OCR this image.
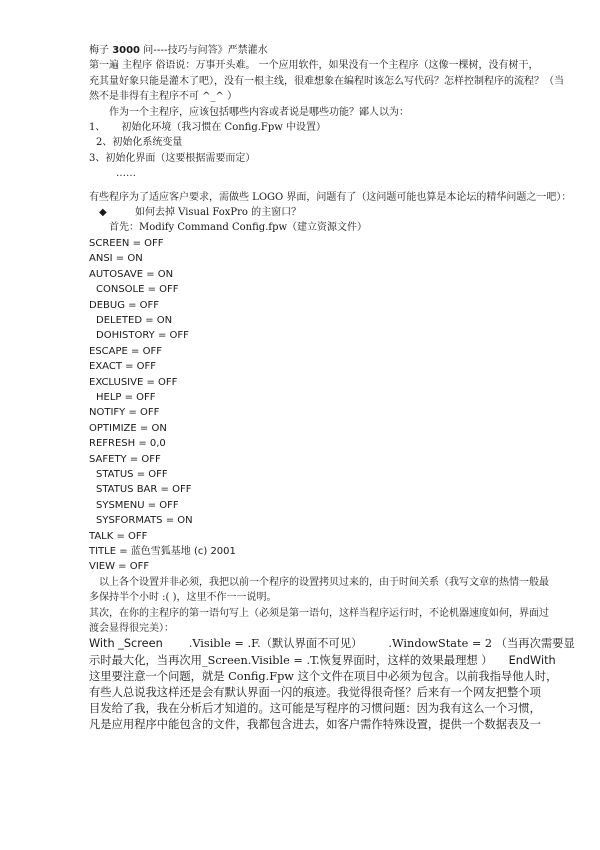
梅子 3000 问----技巧与问答》严禁灌水
第一遍 主程序 俗语说：万事开头难。 一个应用软件，如果没有一个主程序（这像一棵树，没有树干，
充其量好象只能是灌木了吧），没有一根主线，很难想象在编程时该怎么写代码？怎样控制程序的流程？（当
然不是非得有主程序不可 ^_^ ）
作为一个主程序，应该包括哪些内容或者说是哪些功能？鄙人以为：
1、 初始化环境（我习惯在 Config.Fpw 中设置）
2、初始化系统变量
3、初始化界面（这要根据需要而定）
……
有些程序为了适应客户要求，需做些 LOGO 界面，问题有了（这问题可能也算是本论坛的精华问题之一吧）：
◆	如何去掉 Visual FoxPro 的主窗口？
首先：Modify Command Config.fpw（建立资源文件）
SCREEN = OFF
ANSI = ON
AUTOSAVE = ON
CONSOLE = OFF
DEBUG = OFF
DELETED = ON
DOHISTORY = OFF
ESCAPE = OFF
EXACT = OFF
EXCLUSIVE = OFF
HELP = OFF
NOTIFY = OFF
OPTIMIZE = ON
REFRESH = 0,0
SAFETY = OFF
STATUS = OFF
STATUS BAR = OFF
SYSMENU = OFF
SYSFORMATS = ON
TALK = OFF
TITLE = 蓝色雪狐基地 (c) 2001
VIEW = OFF
以上各个设置并非必须，我把以前一个程序的设置拷贝过来的，由于时间关系（我写文章的热情一般最
多保持半个小时 :( )，这里不作一一说明。
其次，在你的主程序的第一语句写上（必须是第一语句，这样当程序运行时，不论机器速度如何，界面过
渡会显得很完美）：
With _Screen .Visible = .F.（默认界面不可见） .WindowState = 2 （当再次需要显
示时最大化，当再次用_Screen.Visible = .T.恢复界面时，这样的效果最理想 ） EndWith
这里要注意一个问题，就是 Config.Fpw 这个文件在项目中必须为包含。以前我指导他人时，
有些人总说我这样还是会有默认界面一闪的痕迹。我觉得很奇怪？后来有一个网友把整个项
目发给了我，我在分析后才知道的。这可能是写程序的习惯问题：因为我有这么一个习惯，
凡是应用程序中能包含的文件，我都包含进去，如客户需作特殊设置，提供一个数据表及一
